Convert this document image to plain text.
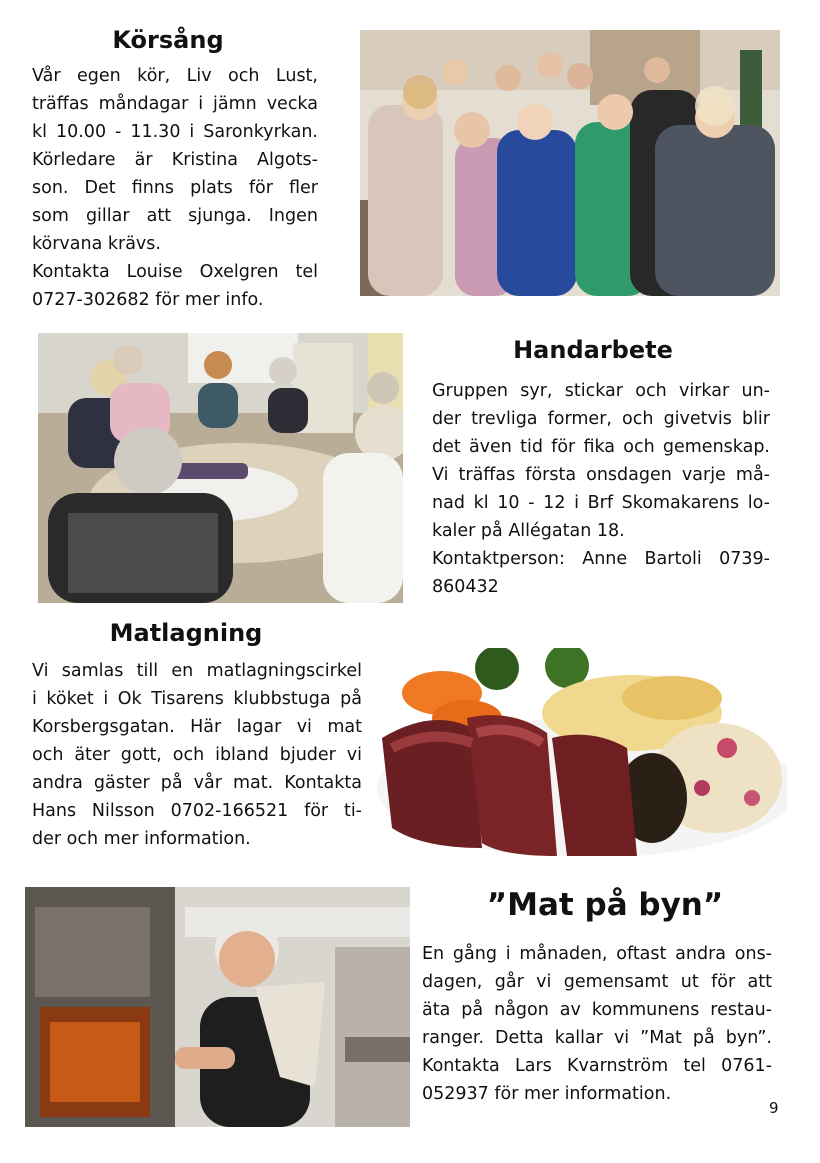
Körsång
Vår egen kör, Liv och Lust,
träffas måndagar i jämn vecka
kl 10.00 - 11.30 i Saronkyrkan.
Körledare är Kristina Algots-
son. Det finns plats för fler
som gillar att sjunga. Ingen
körvana krävs.
Kontakta Louise Oxelgren tel
0727-302682 för mer info.
Handarbete
Gruppen syr, stickar och virkar un-
der trevliga former, och givetvis blir
det även tid för fika och gemenskap.
Vi träffas första onsdagen varje må-
nad kl 10 - 12 i Brf Skomakarens lo-
kaler på Allégatan 18.
Kontaktperson: Anne Bartoli 0739-
860432
Matlagning
Vi samlas till en matlagningscirkel
i köket i Ok Tisarens klubbstuga på
Korsbergsgatan. Här lagar vi mat
och äter gott, och ibland bjuder vi
andra gäster på vår mat. Kontakta
Hans Nilsson 0702-166521 för ti-
der och mer information.
”Mat på byn”
En gång i månaden, oftast andra ons-
dagen, går vi gemensamt ut för att
äta på någon av kommunens restau-
ranger. Detta kallar vi ”Mat på byn”.
Kontakta Lars Kvarnström tel 0761-
052937 för mer information.
9
